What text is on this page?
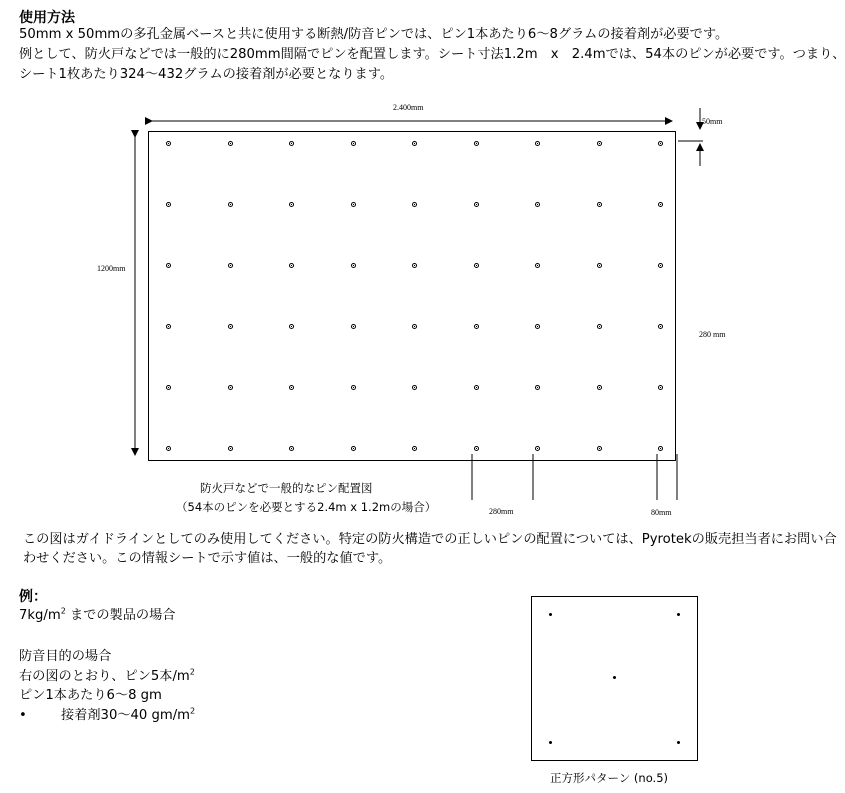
使用方法
50mm x 50mmの多孔金属ベースと共に使用する断熱/防音ピンでは、ピン1本あたり6～8グラムの接着剤が必要です。
例として、防火戸などでは一般的に280mm間隔でピンを配置します。シート寸法1.2m　x　2.4mでは、54本のピンが必要です。つまり、
シート1枚あたり324～432グラムの接着剤が必要となります。
2.400mm
1200mm
50mm
280 mm
280mm	80mm
防火戸などで一般的なピン配置図
（54本のピンを必要とする2.4m x 1.2mの場合）
この図はガイドラインとしてのみ使用してください。特定の防火構造での正しいピンの配置については、Pyrotekの販売担当者にお問い合
わせください。この情報シートで示す値は、一般的な値です。
例：
$7kg/m^2$ までの製品の場合
防音目的の場合
右の図のとおり、ピン5本$/m^2$
ピン1本あたり6～8 gm
•	接着剤30～40 $gm/m^2$
正方形パターン (no.5)
